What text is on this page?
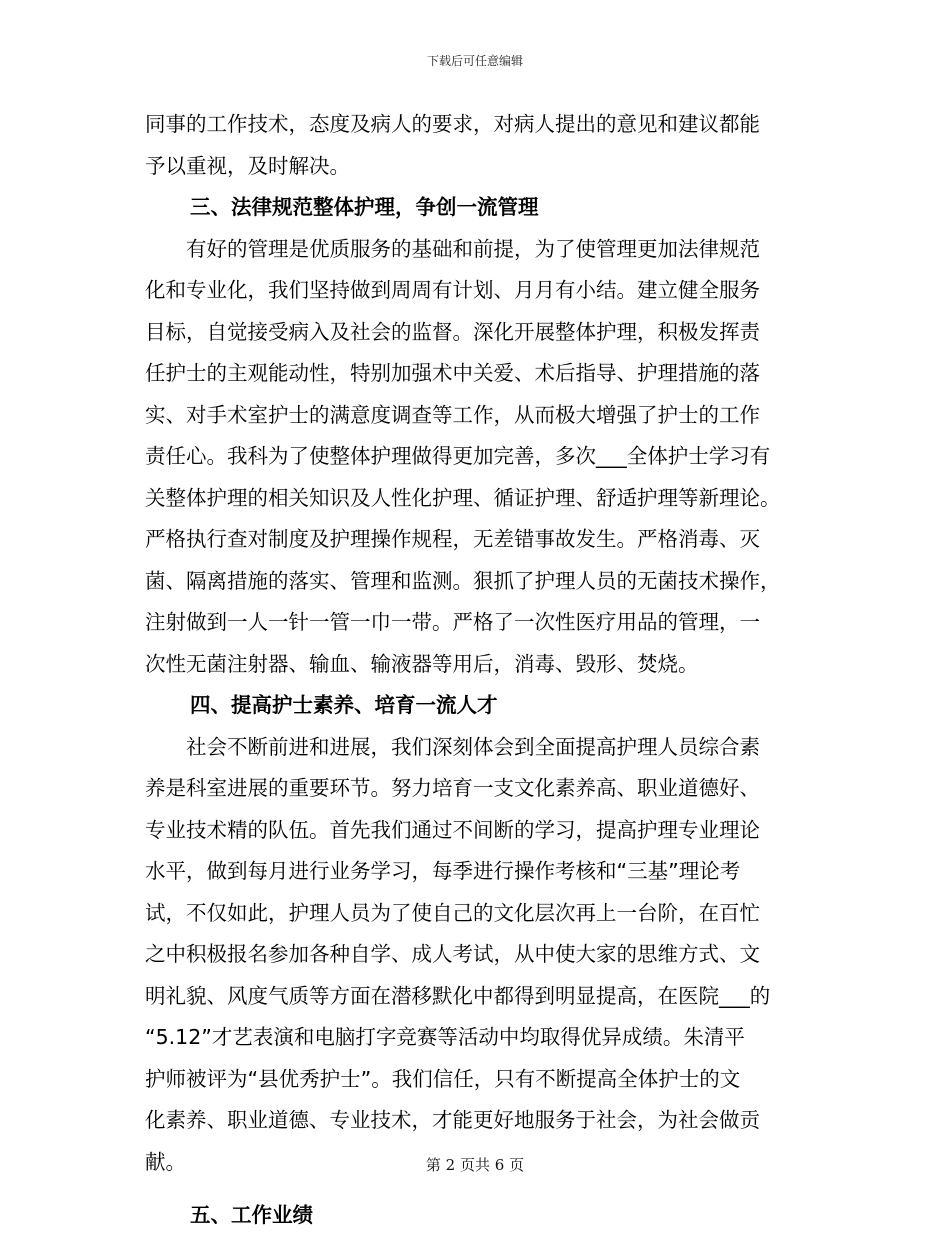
下载后可任意编辑
同事的工作技术，态度及病人的要求，对病人提出的意见和建议都能
予以重视，及时解决。
三、法律规范整体护理，争创一流管理
有好的管理是优质服务的基础和前提，为了使管理更加法律规范
化和专业化，我们坚持做到周周有计划、月月有小结。建立健全服务
目标，自觉接受病入及社会的监督。深化开展整体护理，积极发挥责
任护士的主观能动性，特别加强术中关爱、术后指导、护理措施的落
实、对手术室护士的满意度调查等工作，从而极大增强了护士的工作
责任心。我科为了使整体护理做得更加完善，多次___全体护士学习有
关整体护理的相关知识及人性化护理、循证护理、舒适护理等新理论。
严格执行查对制度及护理操作规程，无差错事故发生。严格消毒、灭
菌、隔离措施的落实、管理和监测。狠抓了护理人员的无菌技术操作，
注射做到一人一针一管一巾一带。严格了一次性医疗用品的管理，一
次性无菌注射器、输血、输液器等用后，消毒、毁形、焚烧。
四、提高护士素养、培育一流人才
社会不断前进和进展，我们深刻体会到全面提高护理人员综合素
养是科室进展的重要环节。努力培育一支文化素养高、职业道德好、
专业技术精的队伍。首先我们通过不间断的学习，提高护理专业理论
水平，做到每月进行业务学习，每季进行操作考核和“三基”理论考
试，不仅如此，护理人员为了使自己的文化层次再上一台阶，在百忙
之中积极报名参加各种自学、成人考试，从中使大家的思维方式、文
明礼貌、风度气质等方面在潜移默化中都得到明显提高，在医院___的
“5.12”才艺表演和电脑打字竞赛等活动中均取得优异成绩。朱清平
护师被评为“县优秀护士”。我们信任，只有不断提高全体护士的文
化素养、职业道德、专业技术，才能更好地服务于社会，为社会做贡
献。
五、工作业绩
第 2 页共 6 页
